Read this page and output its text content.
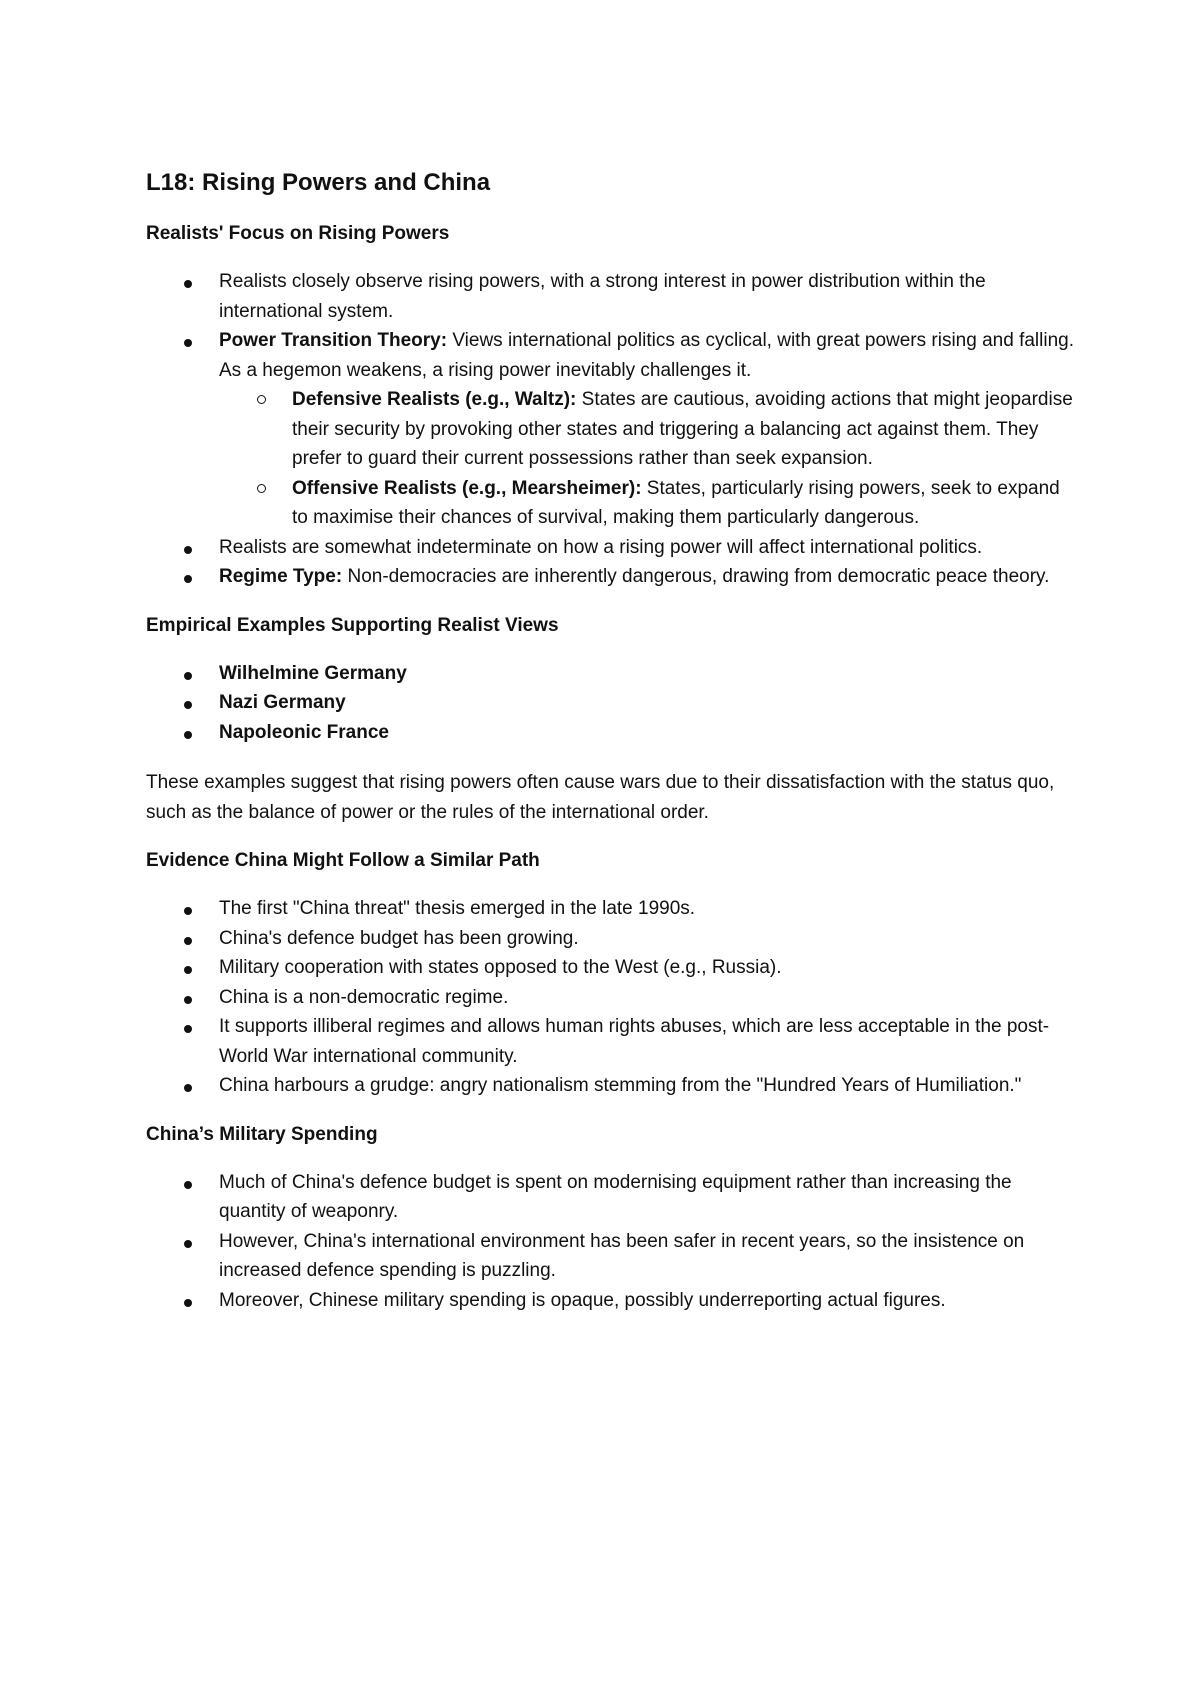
L18: Rising Powers and China
Realists' Focus on Rising Powers
Realists closely observe rising powers, with a strong interest in power distribution within the international system.
Power Transition Theory: Views international politics as cyclical, with great powers rising and falling. As a hegemon weakens, a rising power inevitably challenges it.
Defensive Realists (e.g., Waltz): States are cautious, avoiding actions that might jeopardise their security by provoking other states and triggering a balancing act against them. They prefer to guard their current possessions rather than seek expansion.
Offensive Realists (e.g., Mearsheimer): States, particularly rising powers, seek to expand to maximise their chances of survival, making them particularly dangerous.
Realists are somewhat indeterminate on how a rising power will affect international politics.
Regime Type: Non-democracies are inherently dangerous, drawing from democratic peace theory.
Empirical Examples Supporting Realist Views
Wilhelmine Germany
Nazi Germany
Napoleonic France

These examples suggest that rising powers often cause wars due to their dissatisfaction with the status quo, such as the balance of power or the rules of the international order.

Evidence China Might Follow a Similar Path
The first "China threat" thesis emerged in the late 1990s.
China's defence budget has been growing.
Military cooperation with states opposed to the West (e.g., Russia).
China is a non-democratic regime.
It supports illiberal regimes and allows human rights abuses, which are less acceptable in the post-World War international community.
China harbours a grudge: angry nationalism stemming from the "Hundred Years of Humiliation."
China’s Military Spending
Much of China's defence budget is spent on modernising equipment rather than increasing the quantity of weaponry.
However, China's international environment has been safer in recent years, so the insistence on increased defence spending is puzzling.
Moreover, Chinese military spending is opaque, possibly underreporting actual figures.
